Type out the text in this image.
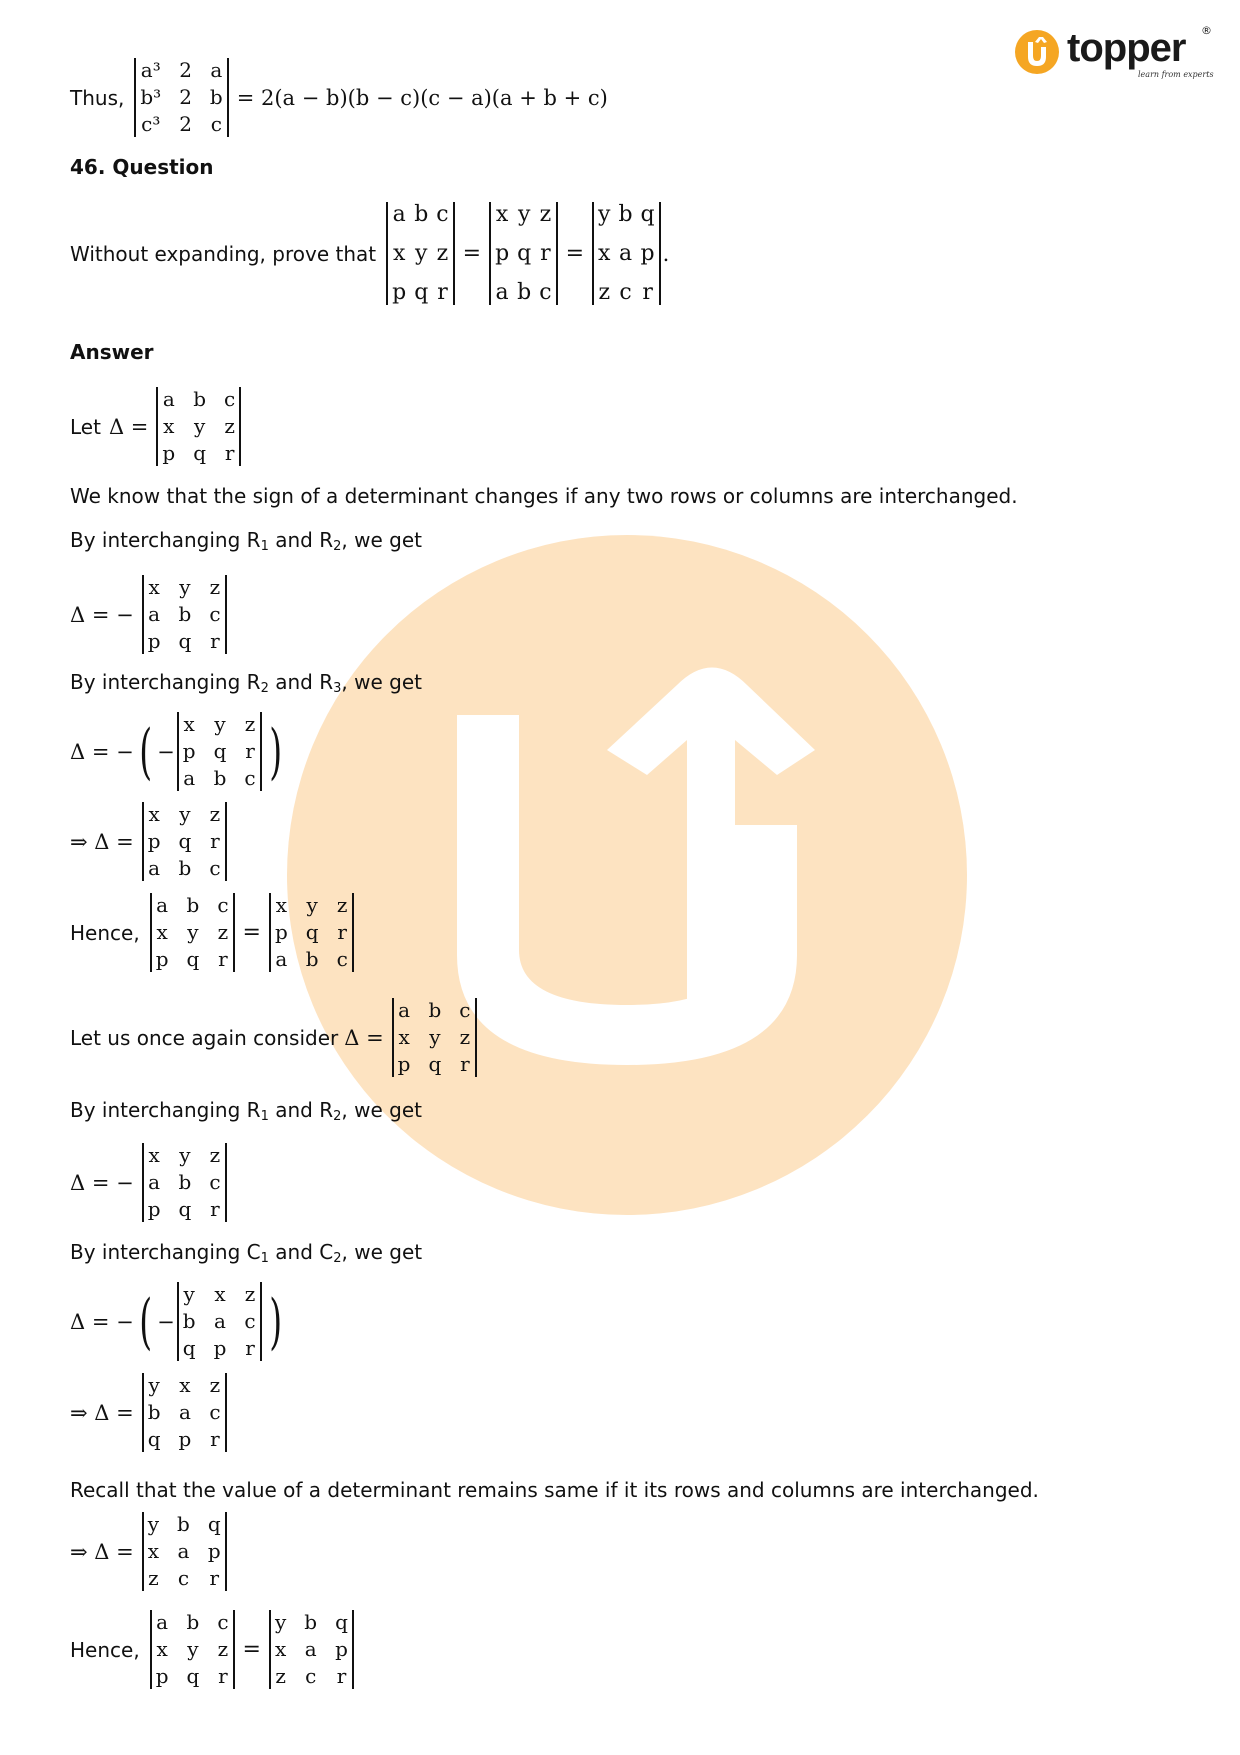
topper ®
learn from experts
Thus,
a³ 2 a
b³ 2 b
c³ 2 c
= 2(a − b)(b − c)(c − a)(a + b + c)
46. Question
Without expanding, prove that
a b c
x y z
p q r
=
x y z
p q r
a b c
=
y b q
x a p
z c r
.
Answer
Let Δ =
a b c
x y z
p q r
We know that the sign of a determinant changes if any two rows or columns are interchanged.
By interchanging
R 1
and
R 2 , we get
Δ = −
x y z
a b c
p q r
By interchanging
R 2
and
R 3 , we get
Δ = − ( −
x y z
p q r
a b c )
⇒ Δ =
x y z
p q r
a b c
Hence,
a b c
x y z
p q r
=
x y z
p q r
a b c
Let us once again consider Δ =
a b c
x y z
p q r
By interchanging
R 1
and
R 2 , we get
Δ = −
x y z
a b c
p q r
By interchanging
C 1
and
C 2 , we get
Δ = − ( −
y x z
b a c
q p r )
⇒ Δ =
y x z
b a c
q p r
Recall that the value of a determinant remains same if it its rows and columns are interchanged.
⇒ Δ =
y b q
x a p
z c r
Hence,
a b c
x y z
p q r
=
y b q
x a p
z c r
